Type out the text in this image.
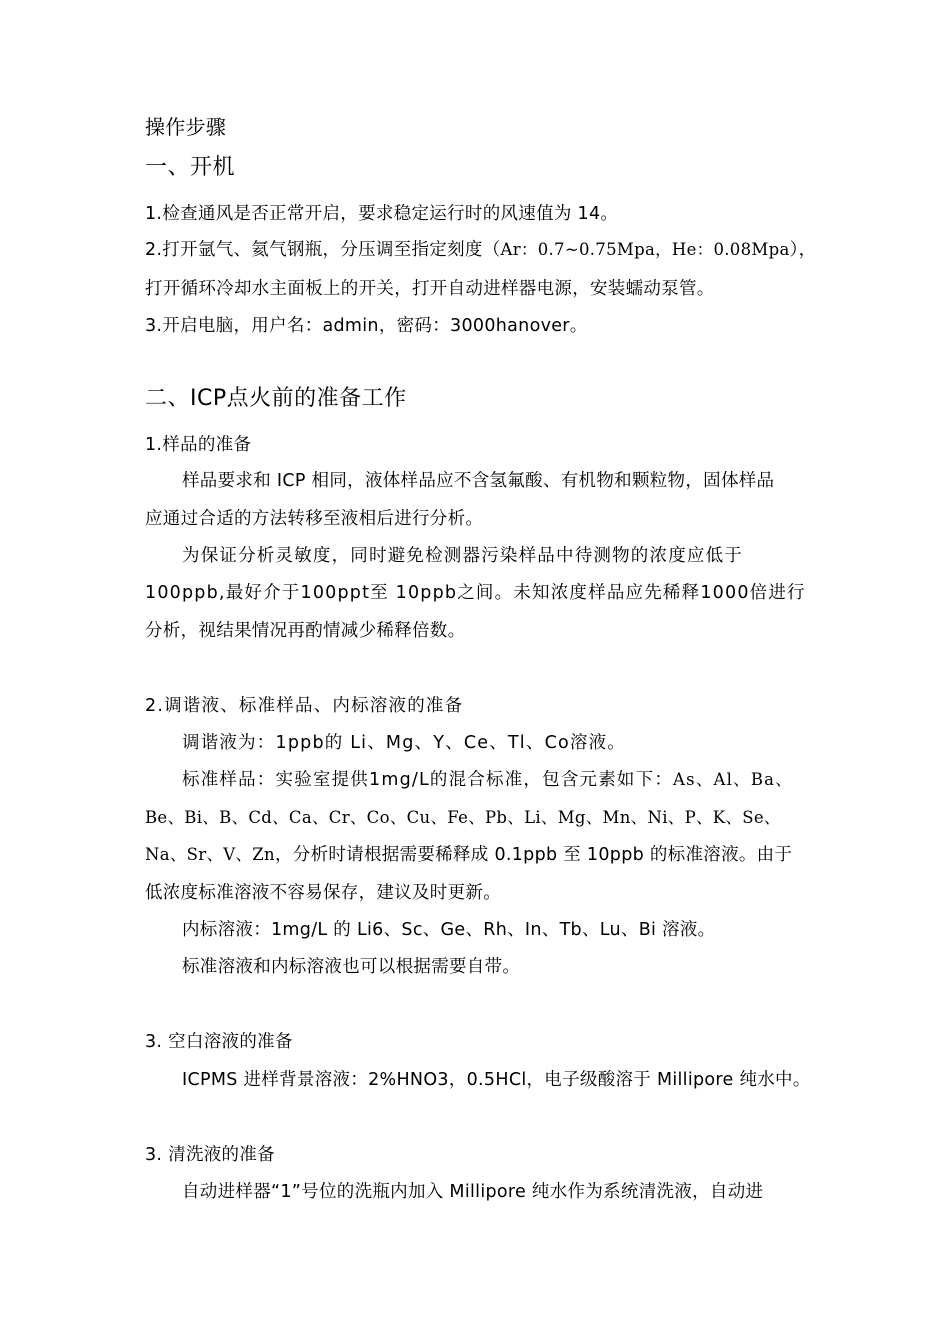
操作步骤
一、开机
1.检查通风是否正常开启，要求稳定运行时的风速值为 14。
2.打开氩气、氦气钢瓶，分压调至指定刻度（Ar：0.7~0.75Mpa，He：0.08Mpa），
打开循环冷却水主面板上的开关，打开自动进样器电源，安装蠕动泵管。
3.开启电脑，用户名：admin，密码：3000hanover。
二、ICP点火前的准备工作
1.样品的准备
样品要求和 ICP 相同，液体样品应不含氢氟酸、有机物和颗粒物，固体样品
应通过合适的方法转移至液相后进行分析。
为保证分析灵敏度，同时避免检测器污染样品中待测物的浓度应低于
100ppb,最好介于100ppt至 10ppb之间。未知浓度样品应先稀释1000倍进行
分析，视结果情况再酌情减少稀释倍数。
2.调谐液、标准样品、内标溶液的准备
调谐液为：1ppb的 Li、Mg、Y、Ce、Tl、Co溶液。
标准样品：实验室提供1mg/L的混合标准，包含元素如下：As、Al、Ba、
Be、Bi、B、Cd、Ca、Cr、Co、Cu、Fe、Pb、Li、Mg、Mn、Ni、P、K、Se、
Na、Sr、V、Zn，分析时请根据需要稀释成 0.1ppb 至 10ppb 的标准溶液。由于
低浓度标准溶液不容易保存，建议及时更新。
内标溶液：1mg/L 的 Li6、Sc、Ge、Rh、In、Tb、Lu、Bi 溶液。
标准溶液和内标溶液也可以根据需要自带。
3. 空白溶液的准备
ICPMS 进样背景溶液：2%HNO3，0.5HCl，电子级酸溶于 Millipore 纯水中。
3. 清洗液的准备
自动进样器“1”号位的洗瓶内加入 Millipore 纯水作为系统清洗液，自动进
